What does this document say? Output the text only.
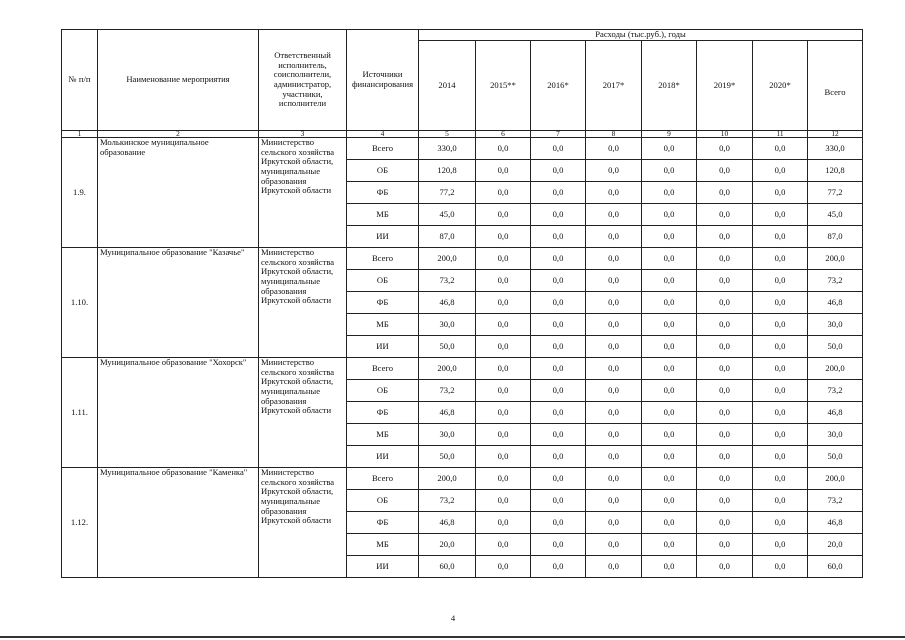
№ п/п	Наименование мероприятия	Ответственный исполнитель, соисполнители, администратор, участники, исполнители	Источники финансирования	Расходы (тыс.руб.), годы							
				2014	2015**	2016*	2017*	2018*	2019*	2020*	Всего
1	2	3	4	5	6	7	8	9	10	11	12
1.9.	Молькинское муниципальное образование	Министерство сельского хозяйства Иркутской области, муниципальные образования Иркутской области	Всего	330,0	0,0	0,0	0,0	0,0	0,0	0,0	330,0
			ОБ	120,8	0,0	0,0	0,0	0,0	0,0	0,0	120,8
			ФБ	77,2	0,0	0,0	0,0	0,0	0,0	0,0	77,2
			МБ	45,0	0,0	0,0	0,0	0,0	0,0	0,0	45,0
			ИИ	87,0	0,0	0,0	0,0	0,0	0,0	0,0	87,0
1.10.	Муниципальное образование "Казачье"	Министерство сельского хозяйства Иркутской области, муниципальные образования Иркутской области	Всего	200,0	0,0	0,0	0,0	0,0	0,0	0,0	200,0
			ОБ	73,2	0,0	0,0	0,0	0,0	0,0	0,0	73,2
			ФБ	46,8	0,0	0,0	0,0	0,0	0,0	0,0	46,8
			МБ	30,0	0,0	0,0	0,0	0,0	0,0	0,0	30,0
			ИИ	50,0	0,0	0,0	0,0	0,0	0,0	0,0	50,0
1.11.	Муниципальное образование "Хохорск"	Министерство сельского хозяйства Иркутской области, муниципальные образования Иркутской области	Всего	200,0	0,0	0,0	0,0	0,0	0,0	0,0	200,0
			ОБ	73,2	0,0	0,0	0,0	0,0	0,0	0,0	73,2
			ФБ	46,8	0,0	0,0	0,0	0,0	0,0	0,0	46,8
			МБ	30,0	0,0	0,0	0,0	0,0	0,0	0,0	30,0
			ИИ	50,0	0,0	0,0	0,0	0,0	0,0	0,0	50,0
1.12.	Муниципальное образование "Каменка"	Министерство сельского хозяйства Иркутской области, муниципальные образования Иркутской области	Всего	200,0	0,0	0,0	0,0	0,0	0,0	0,0	200,0
			ОБ	73,2	0,0	0,0	0,0	0,0	0,0	0,0	73,2
			ФБ	46,8	0,0	0,0	0,0	0,0	0,0	0,0	46,8
			МБ	20,0	0,0	0,0	0,0	0,0	0,0	0,0	20,0
			ИИ	60,0	0,0	0,0	0,0	0,0	0,0	0,0	60,0
4
